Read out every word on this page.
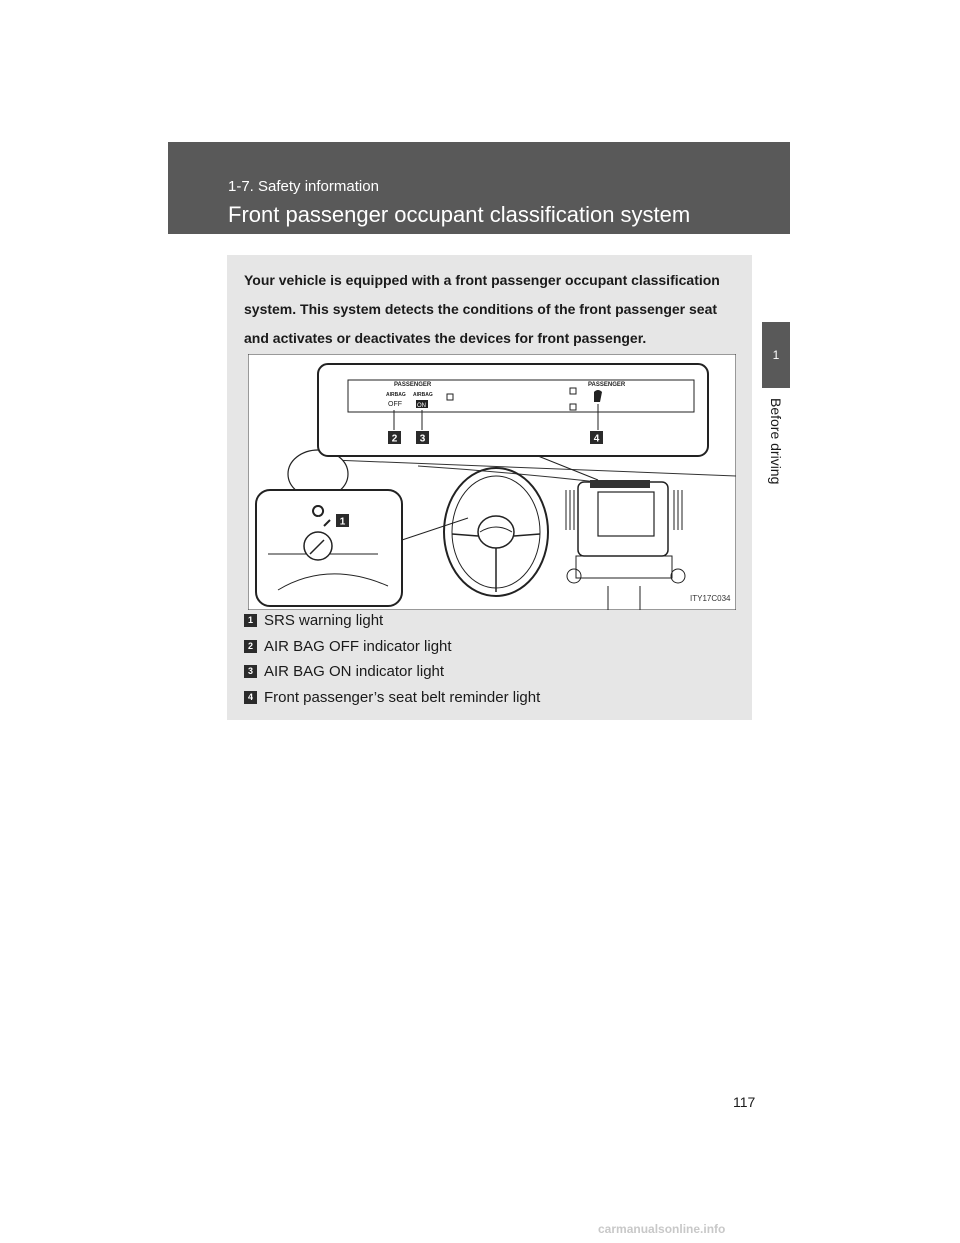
1-7. Safety information
Front passenger occupant classification system
1
Before driving
Your vehicle is equipped with a front passenger occupant classification system. This system detects the conditions of the front passenger seat and activates or deactivates the devices for front passenger.
PASSENGER	PASSENGER
AIRBAG
OFF
AIRBAG
ON
2 3	4
1
ITY17C034
1 SRS warning light
2 AIR BAG OFF indicator light
3 AIR BAG ON indicator light
4 Front passenger’s seat belt reminder light
117
carmanualsonline.info
